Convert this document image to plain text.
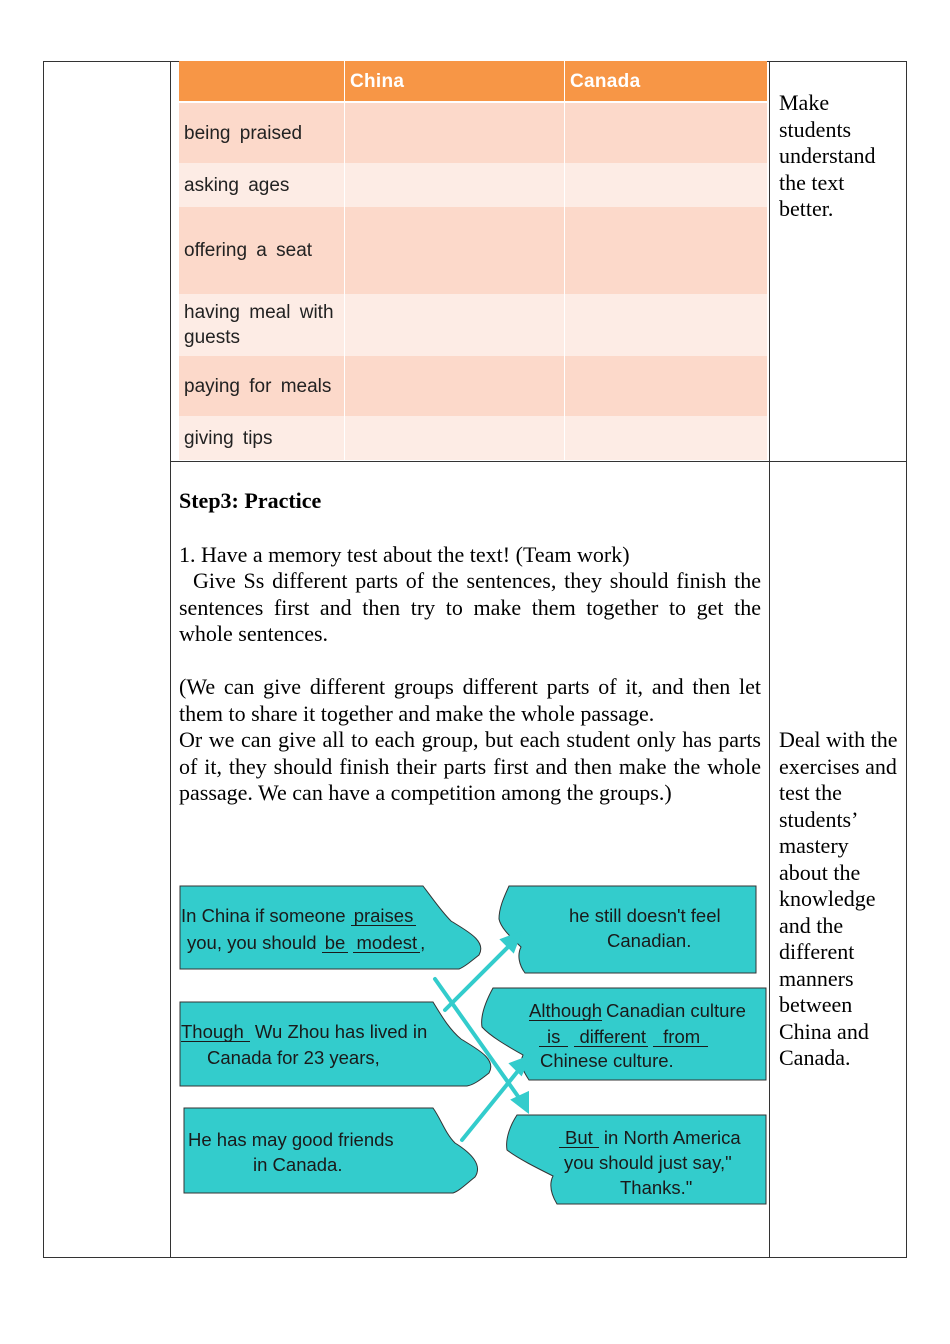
China	Canada
being praised
asking ages
offering a seat
having meal with guests
paying for meals
giving tips
Make students understand the text better.
Step3: Practice
1. Have a memory test about the text! (Team work)
Give Ss different parts of the sentences, they should finish the sentences first and then try to make them together to get the whole sentences.
(We can give different groups different parts of it, and then let them to share it together and make the whole passage.
Or we can give all to each group, but each student only has parts of it, they should finish their parts first and then make the whole passage. We can have a competition among the groups.)
Deal with the exercises and test the students’ mastery about the knowledge and the different manners between China and Canada.
In China if someone praises
you, you should be modest ,
Though Wu Zhou has lived in
Canada for 23 years,
He has may good friends
in Canada.
he still doesn't feel
Canadian.
Although Canadian culture
is different from
Chinese culture.
But in North America
you should just say,"
Thanks."
